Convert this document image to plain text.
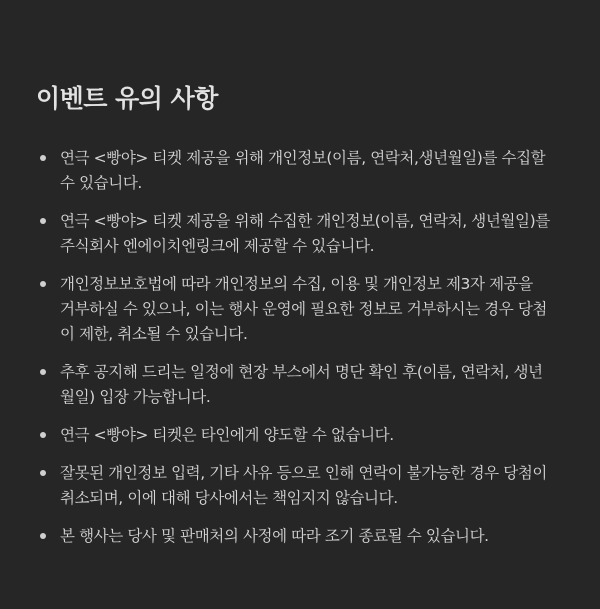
이벤트 유의 사항
연극 <빵야> 티켓 제공을 위해 개인정보(이름, 연락처,생년월일)를 수집할
수 있습니다.
연극 <빵야> 티켓 제공을 위해 수집한 개인정보(이름, 연락처, 생년월일)를
주식회사 엔에이치엔링크에 제공할 수 있습니다.
개인정보보호법에 따라 개인정보의 수집, 이용 및 개인정보 제3자 제공을
거부하실 수 있으나, 이는 행사 운영에 필요한 정보로 거부하시는 경우 당첨
이 제한, 취소될 수 있습니다.
추후 공지해 드리는 일정에 현장 부스에서 명단 확인 후(이름, 연락처, 생년
월일) 입장 가능합니다.
연극 <빵야> 티켓은 타인에게 양도할 수 없습니다.
잘못된 개인정보 입력, 기타 사유 등으로 인해 연락이 불가능한 경우 당첨이
취소되며, 이에 대해 당사에서는 책임지지 않습니다.
본 행사는 당사 및 판매처의 사정에 따라 조기 종료될 수 있습니다.
